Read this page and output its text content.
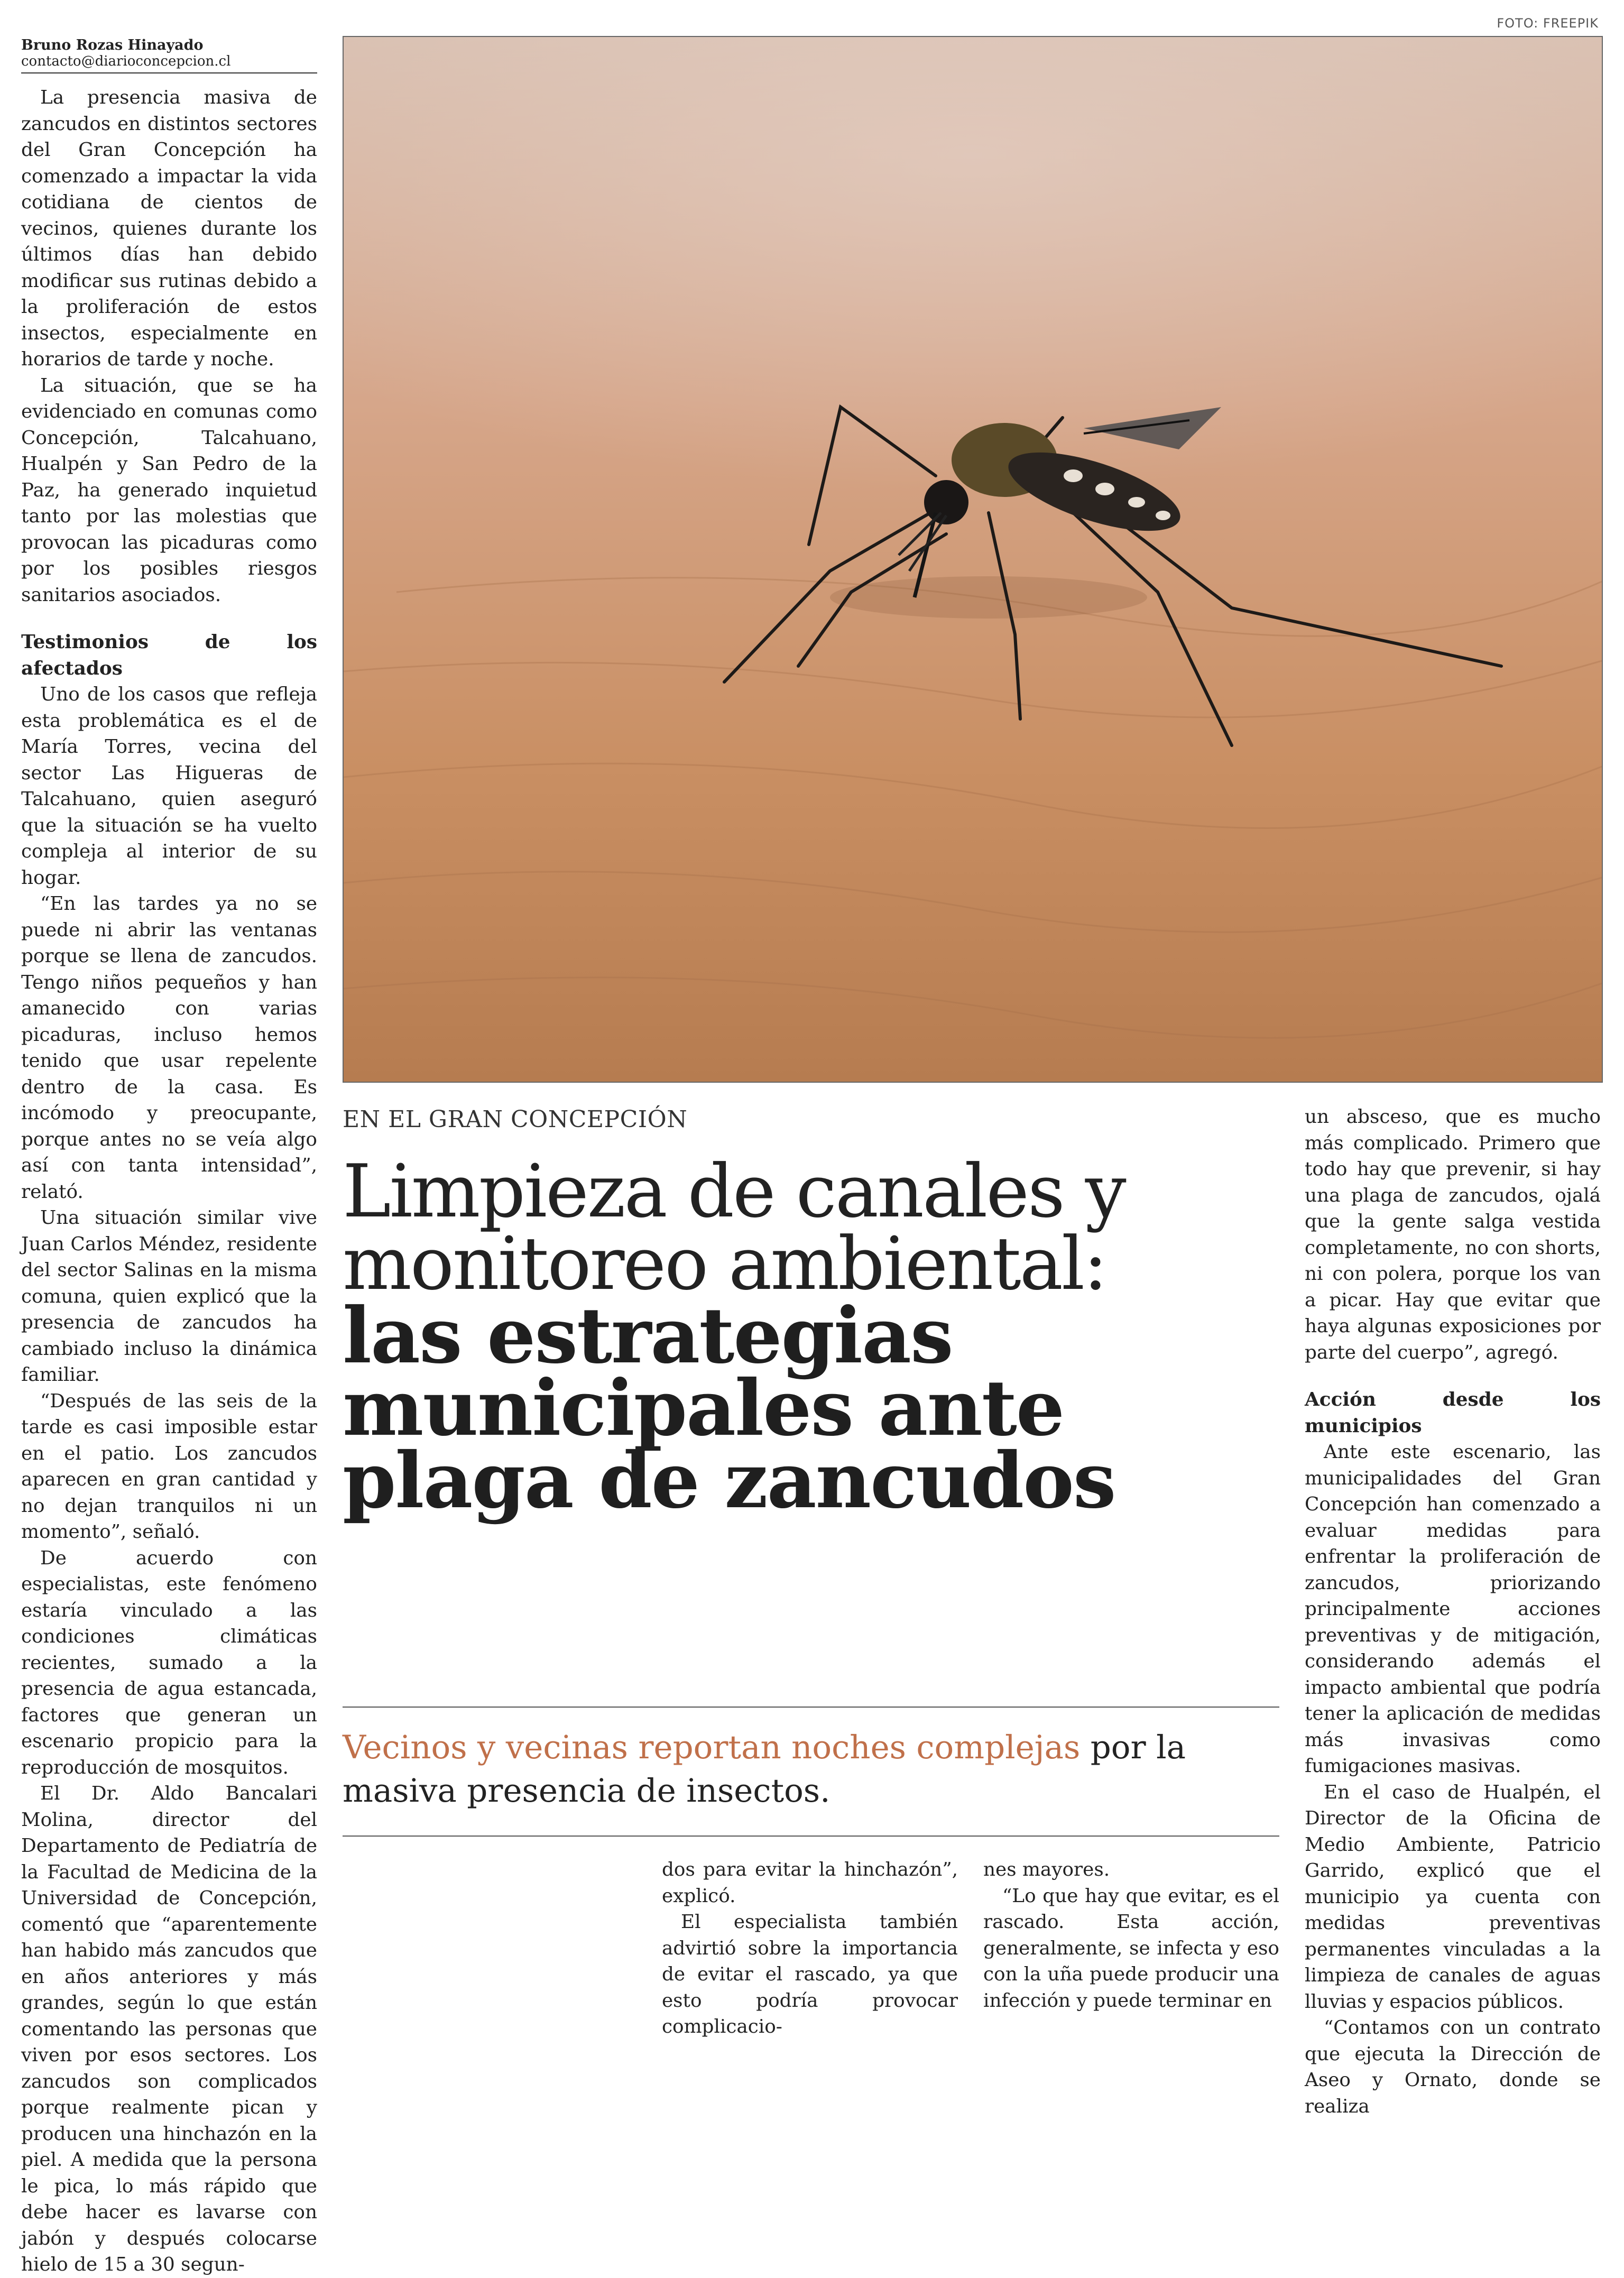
Bruno Rozas Hinayado
contacto@diarioconcepcion.cl

La presencia masiva de zancudos en distintos sectores del Gran Concepción ha comenzado a impactar la vida cotidiana de cientos de vecinos, quienes durante los últimos días han debido modificar sus rutinas debido a la proliferación de estos insectos, especialmente en horarios de tarde y noche.

La situación, que se ha evidenciado en comunas como Concepción, Talcahuano, Hualpén y San Pedro de la Paz, ha generado inquietud tanto por las molestias que provocan las picaduras como por los posibles riesgos sanitarios asociados.

Testimonios de los afectados

Uno de los casos que refleja esta problemática es el de María Torres, vecina del sector Las Higueras de Talcahuano, quien aseguró que la situación se ha vuelto compleja al interior de su hogar.

“En las tardes ya no se puede ni abrir las ventanas porque se llena de zancudos. Tengo niños pequeños y han amanecido con varias picaduras, incluso hemos tenido que usar repelente dentro de la casa. Es incómodo y preocupante, porque antes no se veía algo así con tanta intensidad”, relató.

Una situación similar vive Juan Carlos Méndez, residente del sector Salinas en la misma comuna, quien explicó que la presencia de zancudos ha cambiado incluso la dinámica familiar.

“Después de las seis de la tarde es casi imposible estar en el patio. Los zancudos aparecen en gran cantidad y no dejan tranquilos ni un momento”, señaló.

De acuerdo con especialistas, este fenómeno estaría vinculado a las condiciones climáticas recientes, sumado a la presencia de agua estancada, factores que generan un escenario propicio para la reproducción de mosquitos.

El Dr. Aldo Bancalari Molina, director del Departamento de Pediatría de la Facultad de Medicina de la Universidad de Concepción, comentó que “aparentemente han habido más zancudos que en años anteriores y más grandes, según lo que están comentando las personas que viven por esos sectores. Los zancudos son complicados porque realmente pican y producen una hinchazón en la piel. A medida que la persona le pica, lo más rápido que debe hacer es lavarse con jabón y después colocarse hielo de 15 a 30 segun-

FOTO: FREEPIK
EN EL GRAN CONCEPCIÓN
Limpieza de canales y
monitoreo ambiental:
las estrategias
municipales ante
plaga de zancudos
Vecinos y vecinas reportan noches complejas por la masiva presencia de insectos.

dos para evitar la hinchazón”, explicó.

El especialista también advirtió sobre la importancia de evitar el rascado, ya que esto podría provocar complicacio-

nes mayores.

“Lo que hay que evitar, es el rascado. Esta acción, generalmente, se infecta y eso con la uña puede producir una infección y puede terminar en

un absceso, que es mucho más complicado. Primero que todo hay que prevenir, si hay una plaga de zancudos, ojalá que la gente salga vestida completamente, no con shorts, ni con polera, porque los van a picar. Hay que evitar que haya algunas exposiciones por parte del cuerpo”, agregó.

Acción desde los municipios

Ante este escenario, las municipalidades del Gran Concepción han comenzado a evaluar medidas para enfrentar la proliferación de zancudos, priorizando principalmente acciones preventivas y de mitigación, considerando además el impacto ambiental que podría tener la aplicación de medidas más invasivas como fumigaciones masivas.

En el caso de Hualpén, el Director de la Oficina de Medio Ambiente, Patricio Garrido, explicó que el municipio ya cuenta con medidas preventivas permanentes vinculadas a la limpieza de canales de aguas lluvias y espacios públicos.

“Contamos con un contrato que ejecuta la Dirección de Aseo y Ornato, donde se realiza
